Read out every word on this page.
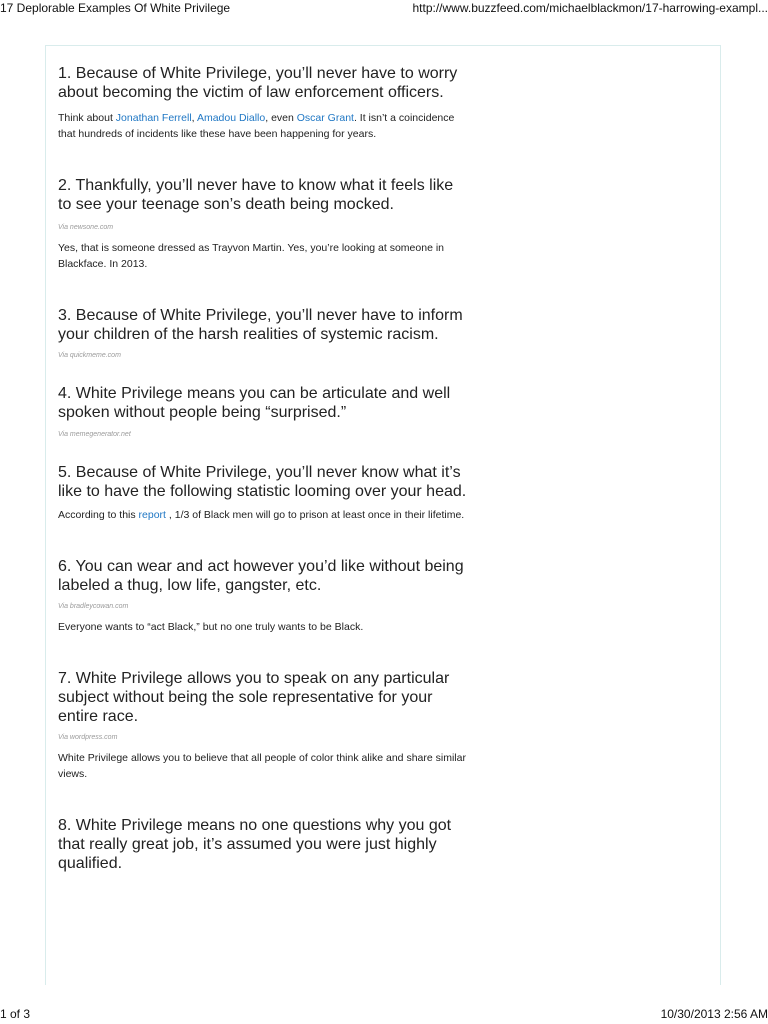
17 Deplorable Examples Of White Privilege	http://www.buzzfeed.com/michaelblackmon/17-harrowing-exampl...
1. Because of White Privilege, you’ll never have to worry about becoming the victim of law enforcement officers.

Think about Jonathan Ferrell, Amadou Diallo, even Oscar Grant. It isn’t a coincidence that hundreds of incidents like these have been happening for years.

2. Thankfully, you’ll never have to know what it feels like to see your teenage son’s death being mocked.

Via newsone.com

Yes, that is someone dressed as Trayvon Martin. Yes, you’re looking at someone in Blackface. In 2013.

3. Because of White Privilege, you’ll never have to inform your children of the harsh realities of systemic racism.

Via quickmeme.com

4. White Privilege means you can be articulate and well spoken without people being “surprised.”

Via memegenerator.net

5. Because of White Privilege, you’ll never know what it’s like to have the following statistic looming over your head.

According to this report , 1/3 of Black men will go to prison at least once in their lifetime.

6. You can wear and act however you’d like without being labeled a thug, low life, gangster, etc.

Via bradleycowan.com

Everyone wants to “act Black,” but no one truly wants to be Black.

7. White Privilege allows you to speak on any particular subject without being the sole representative for your entire race.

Via wordpress.com

White Privilege allows you to believe that all people of color think alike and share similar views.

8. White Privilege means no one questions why you got that really great job, it’s assumed you were just highly qualified.
1 of 3	10/30/2013 2:56 AM
